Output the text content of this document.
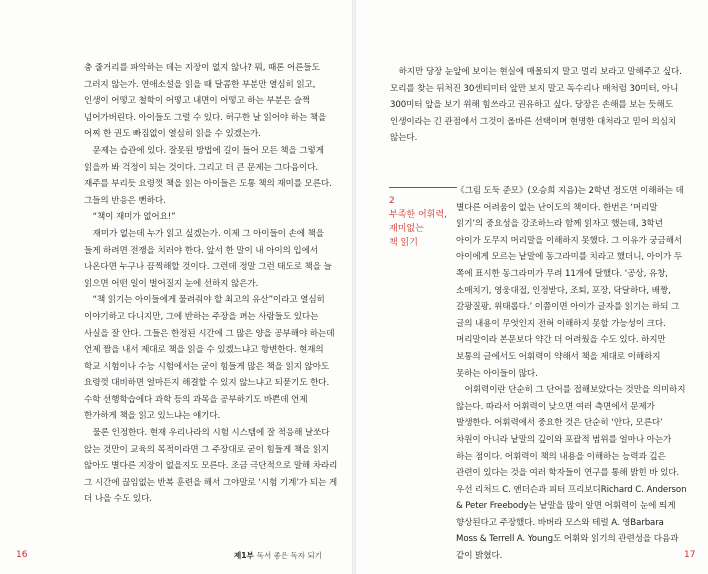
충 줄거리를 파악하는 데는 지장이 없지 않나? 뭐, 때론 어른들도 그러지 않는가. 연애소설을 읽을 때 달콤한 부분만 열심히 읽고, 인생이 어떻고 철학이 어떻고 내면이 어떻고 하는 부분은 슬쩍 넘어가버린다. 아이들도 그럴 수 있다. 허구한 날 읽어야 하는 책을 어찌 한 권도 빠짐없이 열심히 읽을 수 있겠는가.

문제는 습관에 있다. 잘못된 방법에 길이 들어 모든 책을 그렇게 읽을까 봐 걱정이 되는 것이다. 그리고 더 큰 문제는 그다음이다. 재주를 부리듯 요령껏 책을 읽는 아이들은 도통 책의 재미를 모른다. 그들의 반응은 뻔하다.

“책이 재미가 없어요!”

재미가 없는데 누가 읽고 싶겠는가. 이제 그 아이들이 손에 책을 들게 하려면 전쟁을 치러야 한다. 앞서 한 말이 내 아이의 입에서 나온다면 누구나 끔찍해할 것이다. 그런데 정말 그런 태도로 책을 늘 읽으면 어떤 일이 벌어질지 눈에 선하지 않은가.

“책 읽기는 아이들에게 물려줘야 할 최고의 유산”이라고 열심히 이야기하고 다니지만, 그에 반하는 주장을 펴는 사람들도 있다는 사실을 잘 안다. 그들은 한정된 시간에 그 많은 양을 공부해야 하는데 언제 짬을 내서 제대로 책을 읽을 수 있겠느냐고 항변한다. 현재의 학교 시험이나 수능 시험에서는 굳이 힘들게 많은 책을 읽지 않아도 요령껏 대비하면 얼마든지 해결할 수 있지 않느냐고 되묻기도 한다. 수학 선행학습에다 과학 등의 과목을 공부하기도 바쁜데 언제 한가하게 책을 읽고 있느냐는 얘기다.

물론 인정한다. 현재 우리나라의 시험 시스템에 잘 적응해 날쏘다 앉는 것만이 교육의 목적이라면 그 주장대로 굳이 힘들게 책을 읽지 않아도 별다른 지장이 없을지도 모른다. 조금 극단적으로 말해 차라리 그 시간에 끊임없는 반복 훈련을 해서 그야말로 ‘시험 기계’가 되는 게 더 나을 수도 있다.

16	제1부 독서 좋은 독자 되기

하지만 당장 눈앞에 보이는 현실에 매몰되지 말고 멀리 보라고 말해주고 싶다. 모리를 찾는 뒤처진 30센티미터 앞만 보지 말고 독수리나 매처럼 30미터, 아니 300미터 앞을 보기 위해 힘쓰라고 권유하고 싶다. 당장은 손해를 보는 듯해도 인생이라는 긴 관점에서 그것이 올바른 선택이며 현명한 대처라고 믿어 의심치 않는다.

2
부족한 어휘력,
재미없는
책 읽기

《그림 도둑 준모》(오승희 지음)는 2학년 정도면 이해하는 데 별다른 어려움이 없는 난이도의 책이다. 한번은 ‘머리말 읽기’의 중요성을 강조하느라 함께 읽자고 했는데, 3학년 아이가 도무지 머리말을 이해하지 못했다. 그 이유가 궁금해서 아이에게 모르는 낱말에 동그라미를 치라고 했더니, 아이가 두 쪽에 표시한 동그라미가 무려 11개에 달했다. ‘공상, 유창, 소매치기, 영웅대접, 인정받다, 조퇴, 포장, 닥달하다, 배짱, 갈팡질팡, 위태롭다.’ 이쯤이면 아이가 글자를 읽기는 하되 그 글의 내용이 무엇인지 전혀 이해하지 못할 가능성이 크다. 머리말이라 본문보다 약간 더 어려웠을 수도 있다. 하지만 보통의 글에서도 어휘력이 약해서 책을 제대로 이해하지 못하는 아이들이 많다.

어휘력이란 단순히 그 단어를 접해보았다는 것만을 의미하지 않는다. 따라서 어휘력이 낮으면 여러 측면에서 문제가 발생한다. 어휘력에서 중요한 것은 단순히 ‘안다, 모른다’ 차원이 아니라 낱말의 깊이와 포괄적 범위를 얼마나 아는가 하는 점이다. 어휘력이 책의 내용을 이해하는 능력과 깊은 관련이 있다는 것을 여러 학자들이 연구를 통해 밝힌 바 있다. 우선 리처드 C. 앤더슨과 피터 프리보디Richard C. Anderson & Peter Freebody는 낱말을 많이 알면 어휘력이 눈에 띄게 향상된다고 주장했다. 바버라 모스와 테럴 A. 영Barbara Moss & Terrell A. Young도 어휘와 읽기의 관련성을 다음과 같이 밝혔다.	17
